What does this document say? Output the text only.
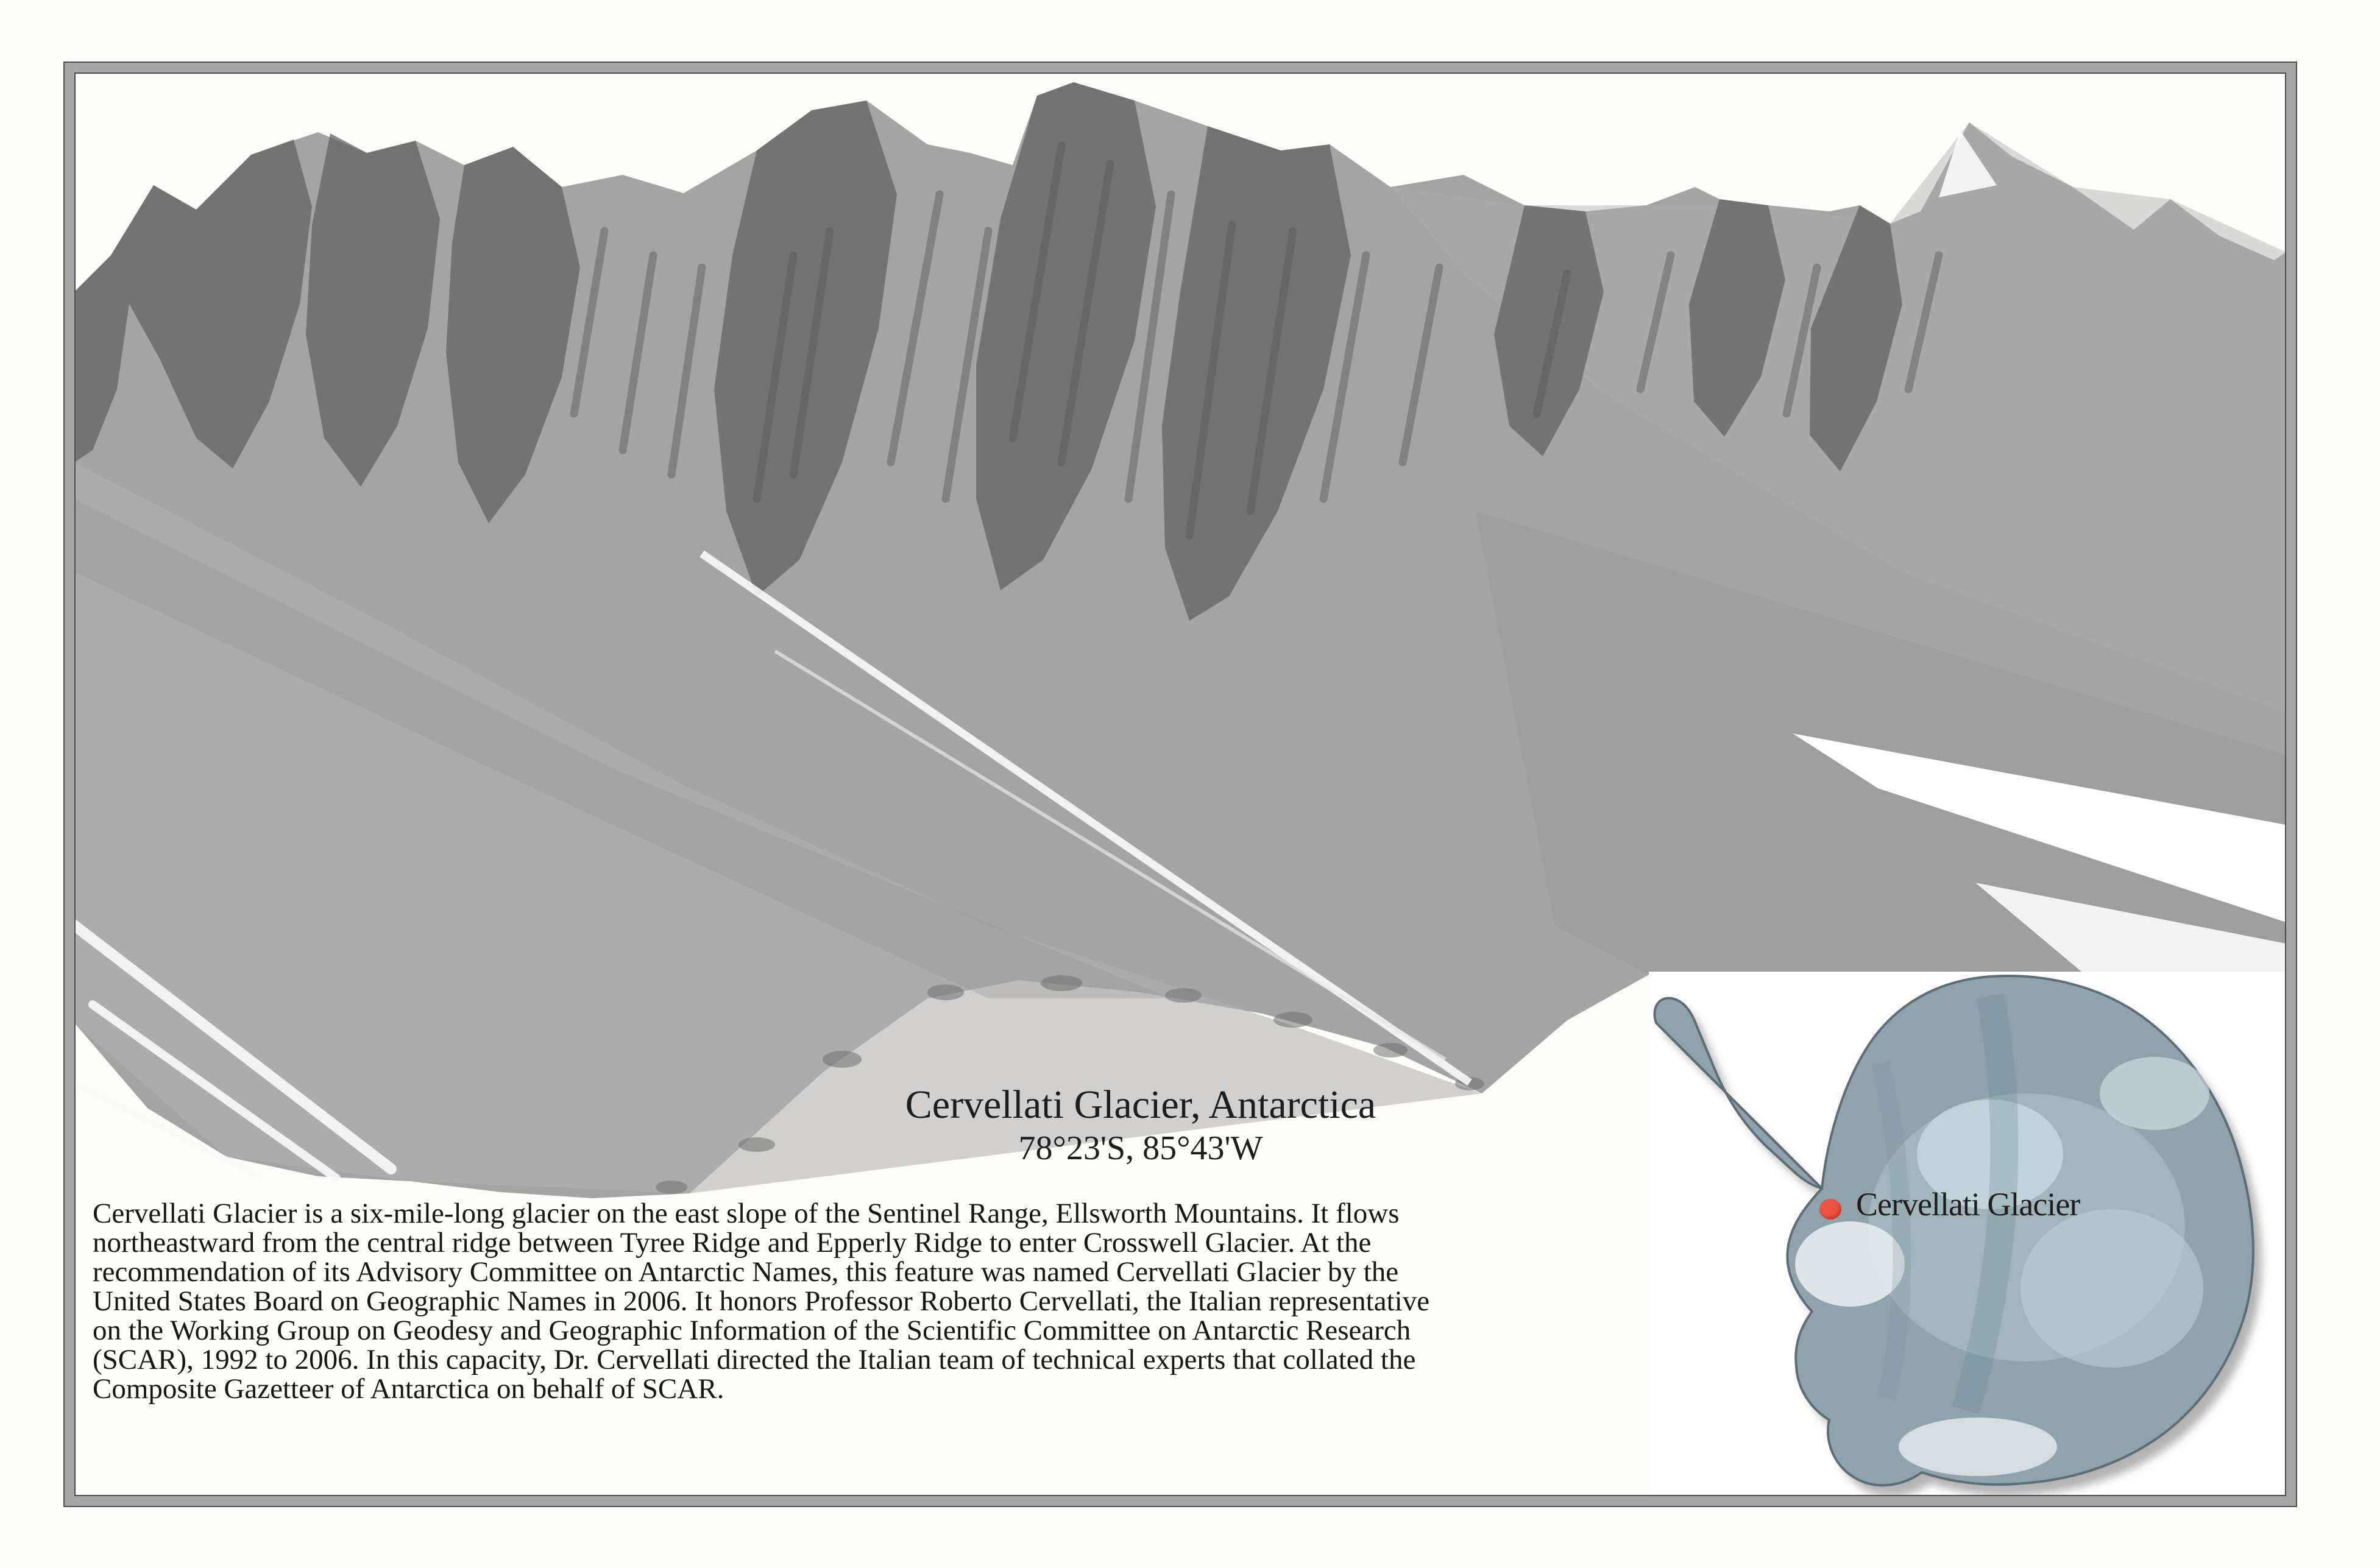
Cervellati Glacier, Antarctica
78°23'S, 85°43'W
Cervellati Glacier is a six-mile-long glacier on the east slope of the Sentinel Range, Ellsworth Mountains. It flows
northeastward from the central ridge between Tyree Ridge and Epperly Ridge to enter Crosswell Glacier. At the
recommendation of its Advisory Committee on Antarctic Names, this feature was named Cervellati Glacier by the
United States Board on Geographic Names in 2006. It honors Professor Roberto Cervellati, the Italian representative
on the Working Group on Geodesy and Geographic Information of the Scientific Committee on Antarctic Research
(SCAR), 1992 to 2006. In this capacity, Dr. Cervellati directed the Italian team of technical experts that collated the
Composite Gazetteer of Antarctica on behalf of SCAR.
Cervellati Glacier
